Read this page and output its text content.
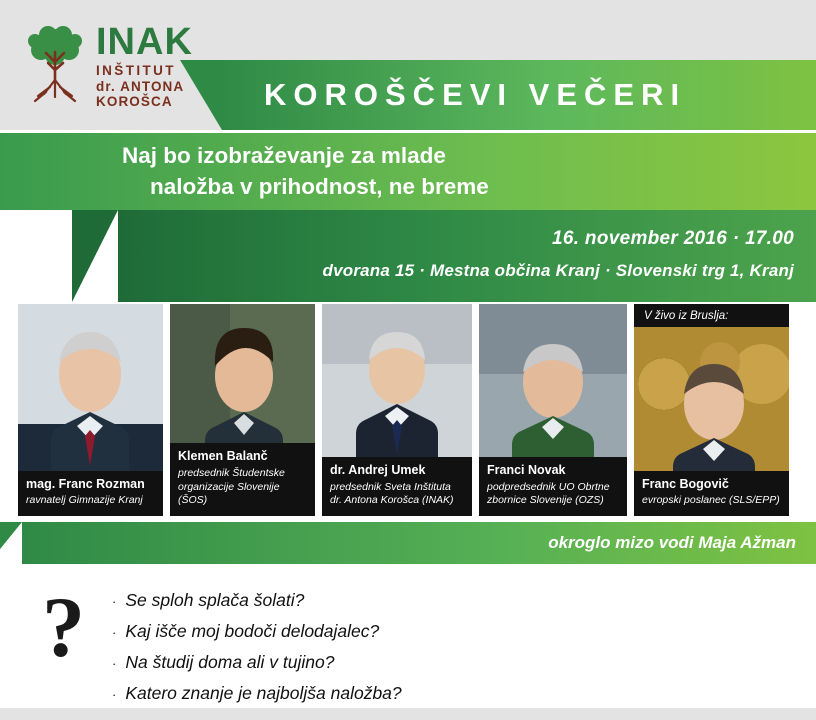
INAK
INŠTITUT
dr. ANTONA
KOROŠCA	KOROŠČEVI VEČERI
Naj bo izobraževanje za mlade
naložba v prihodnost, ne breme
16. november 2016 · 17.00
dvorana 15 · Mestna občina Kranj · Slovenski trg 1, Kranj
mag. Franc Rozman
ravnatelj Gimnazije Kranj
Klemen Balanč
predsednik Študentske organizacije Slovenije (ŠOS)
dr. Andrej Umek
predsednik Sveta Inštituta dr. Antona Korošca (INAK)
Franci Novak
podpredsednik UO Obrtne zbornice Slovenije (OZS)
V živo iz Bruslja:
Franc Bogovič
evropski poslanec (SLS/EPP)
okroglo mizo vodi Maja Ažman
? · Se sploh splača šolati?
· Kaj išče moj bodoči delodajalec?
· Na študij doma ali v tujino?
· Katero znanje je najboljša naložba?
